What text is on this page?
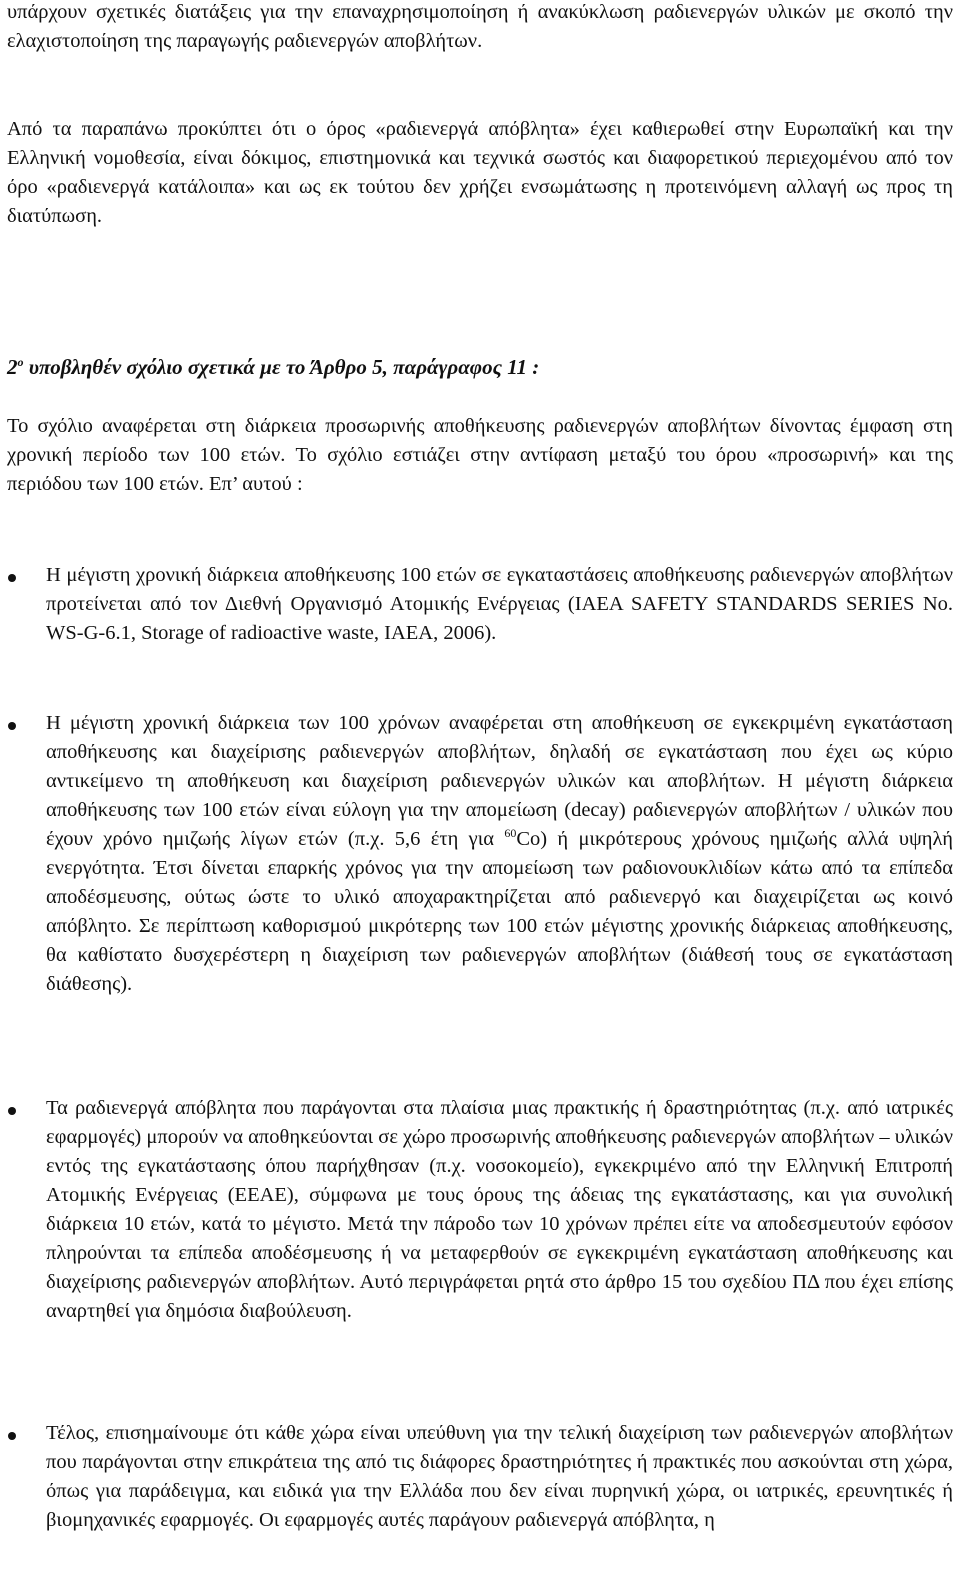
υπάρχουν σχετικές διατάξεις για την επαναχρησιμοποίηση ή ανακύκλωση ραδιενεργών υλικών με σκοπό την ελαχιστοποίηση της παραγωγής ραδιενεργών αποβλήτων.

Από τα παραπάνω προκύπτει ότι ο όρος «ραδιενεργά απόβλητα» έχει καθιερωθεί στην Ευρωπαϊκή και την Ελληνική νομοθεσία, είναι δόκιμος, επιστημονικά και τεχνικά σωστός και διαφορετικού περιεχομένου από τον όρο «ραδιενεργά κατάλοιπα» και ως εκ τούτου δεν χρήζει ενσωμάτωσης η προτεινόμενη αλλαγή ως προς τη διατύπωση.

$2^o$ υποβληθέν σχόλιο σχετικά με το Άρθρο 5, παράγραφος 11 :

Το σχόλιο αναφέρεται στη διάρκεια προσωρινής αποθήκευσης ραδιενεργών αποβλήτων δίνοντας έμφαση στη χρονική περίοδο των 100 ετών. Το σχόλιο εστιάζει στην αντίφαση μεταξύ του όρου «προσωρινή» και της περιόδου των 100 ετών. Επ’ αυτού :

Η μέγιστη χρονική διάρκεια αποθήκευσης 100 ετών σε εγκαταστάσεις αποθήκευσης ραδιενεργών αποβλήτων προτείνεται από τον Διεθνή Οργανισμό Ατομικής Ενέργειας (IAEA SAFETY STANDARDS SERIES No. WS-G-6.1, Storage of radioactive waste, IAEA, 2006).

Η μέγιστη χρονική διάρκεια των 100 χρόνων αναφέρεται στη αποθήκευση σε εγκεκριμένη εγκατάσταση αποθήκευσης και διαχείρισης ραδιενεργών αποβλήτων, δηλαδή σε εγκατάσταση που έχει ως κύριο αντικείμενο τη αποθήκευση και διαχείριση ραδιενεργών υλικών και αποβλήτων. Η μέγιστη διάρκεια αποθήκευσης των 100 ετών είναι εύλογη για την απομείωση (decay) ραδιενεργών αποβλήτων / υλικών που έχουν χρόνο ημιζωής λίγων ετών (π.χ. 5,6 έτη για $^{60}$Co) ή μικρότερους χρόνους ημιζωής αλλά υψηλή ενεργότητα. Έτσι δίνεται επαρκής χρόνος για την απομείωση των ραδιονουκλιδίων κάτω από τα επίπεδα αποδέσμευσης, ούτως ώστε το υλικό αποχαρακτηρίζεται από ραδιενεργό και διαχειρίζεται ως κοινό απόβλητο. Σε περίπτωση καθορισμού μικρότερης των 100 ετών μέγιστης χρονικής διάρκειας αποθήκευσης, θα καθίστατο δυσχερέστερη η διαχείριση των ραδιενεργών αποβλήτων (διάθεσή τους σε εγκατάσταση διάθεσης).

Τα ραδιενεργά απόβλητα που παράγονται στα πλαίσια μιας πρακτικής ή δραστηριότητας (π.χ. από ιατρικές εφαρμογές) μπορούν να αποθηκεύονται σε χώρο προσωρινής αποθήκευσης ραδιενεργών αποβλήτων – υλικών εντός της εγκατάστασης όπου παρήχθησαν (π.χ. νοσοκομείο), εγκεκριμένο από την Ελληνική Επιτροπή Ατομικής Ενέργειας (ΕΕΑΕ), σύμφωνα με τους όρους της άδειας της εγκατάστασης, και για συνολική διάρκεια 10 ετών, κατά το μέγιστο. Μετά την πάροδο των 10 χρόνων πρέπει είτε να αποδεσμευτούν εφόσον πληρούνται τα επίπεδα αποδέσμευσης ή να μεταφερθούν σε εγκεκριμένη εγκατάσταση αποθήκευσης και διαχείρισης ραδιενεργών αποβλήτων. Αυτό περιγράφεται ρητά στο άρθρο 15 του σχεδίου ΠΔ που έχει επίσης αναρτηθεί για δημόσια διαβούλευση.

Τέλος, επισημαίνουμε ότι κάθε χώρα είναι υπεύθυνη για την τελική διαχείριση των ραδιενεργών αποβλήτων που παράγονται στην επικράτεια της από τις διάφορες δραστηριότητες ή πρακτικές που ασκούνται στη χώρα, όπως για παράδειγμα, και ειδικά για την Ελλάδα που δεν είναι πυρηνική χώρα, οι ιατρικές, ερευνητικές ή βιομηχανικές εφαρμογές. Οι εφαρμογές αυτές παράγουν ραδιενεργά απόβλητα, η
